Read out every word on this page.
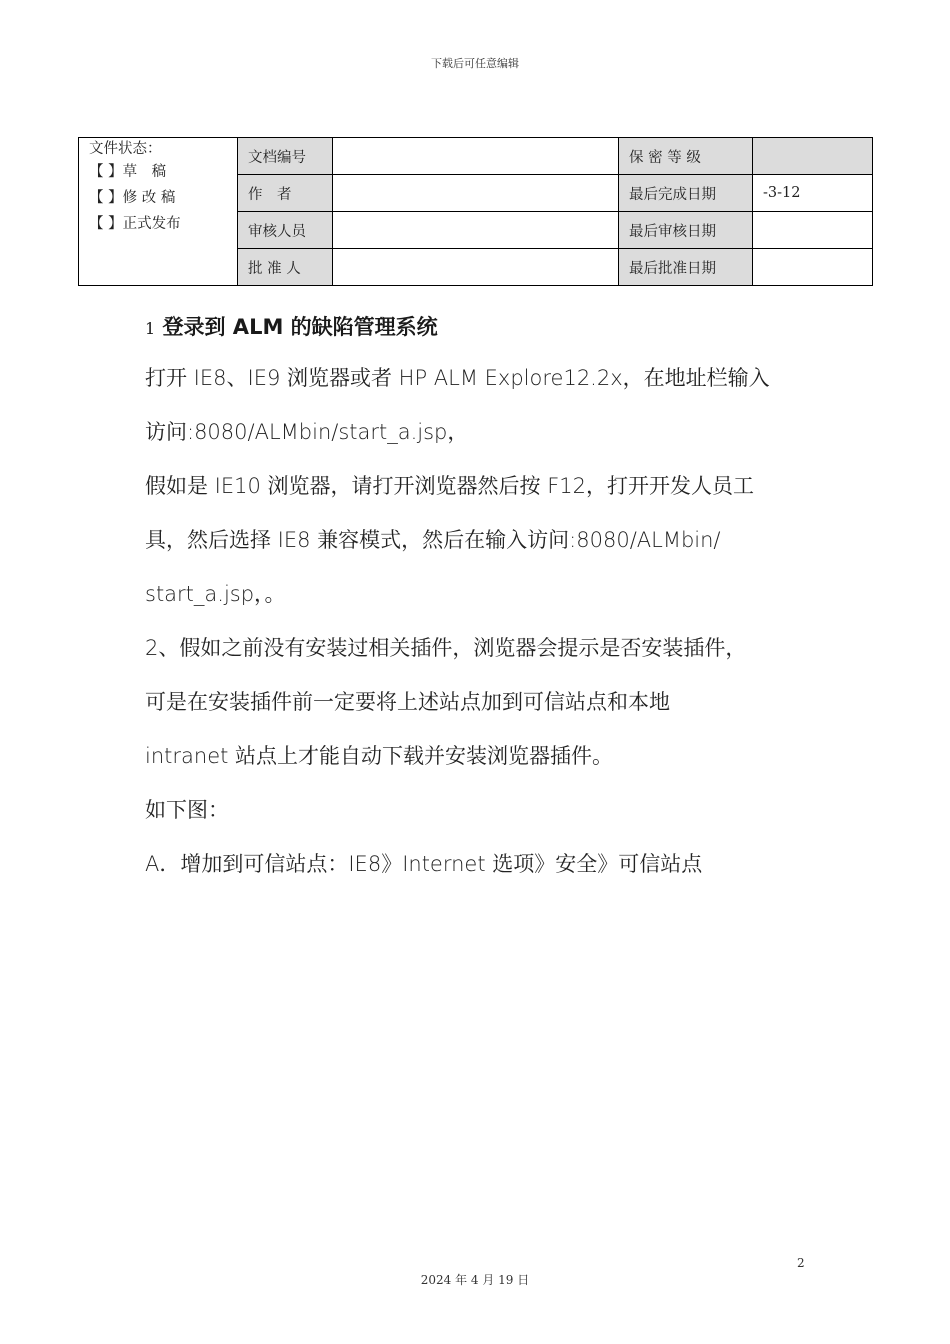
下载后可任意编辑
文件状态：
【 】草　稿
【 】修 改 稿
【 】正式发布	文档编号		保 密 等 级	
	作　者		最后完成日期	-3-12
	审核人员		最后审核日期	
	批 准 人		最后批准日期	
1 登录到 ALM 的缺陷管理系统
打开 IE8、IE9 浏览器或者 HP ALM Explore12.2x，在地址栏输入
访问:8080/ALMbin/start_a.jsp，
假如是 IE10 浏览器，请打开浏览器然后按 F12，打开开发人员工
具，然后选择 IE8 兼容模式，然后在输入访问:8080/ALMbin/
start_a.jsp，。
2、假如之前没有安装过相关插件，浏览器会提示是否安装插件，
可是在安装插件前一定要将上述站点加到可信站点和本地
intranet 站点上才能自动下载并安装浏览器插件。
如下图：
A．增加到可信站点：IE8》Internet 选项》安全》可信站点
2
2024 年 4 月 19 日
